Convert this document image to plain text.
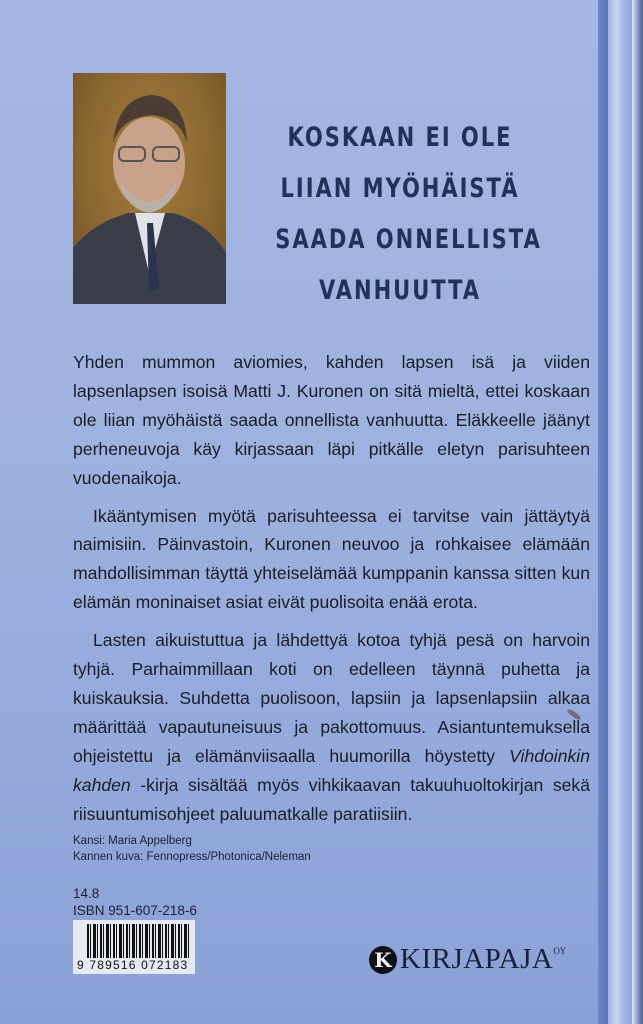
KOSKAAN EI OLE
LIIAN MYÖHÄISTÄ
SAADA ONNELLISTA
VANHUUTTA

Yhden mummon aviomies, kahden lapsen isä ja viiden lapsenlapsen isoisä Matti J. Kuronen on sitä mieltä, ettei koskaan ole liian myöhäistä saada onnellista vanhuutta. Eläkkeelle jäänyt perheneuvoja käy kirjassaan läpi pitkälle eletyn parisuhteen vuodenaikoja.

Ikääntymisen myötä parisuhteessa ei tarvitse vain jättäytyä naimisiin. Päinvastoin, Kuronen neuvoo ja rohkaisee elämään mahdollisimman täyttä yhteiselämää kumppanin kanssa sitten kun elämän moninaiset asiat eivät puolisoita enää erota.

Lasten aikuistuttua ja lähdettyä kotoa tyhjä pesä on harvoin tyhjä. Parhaimmillaan koti on edelleen täynnä puhetta ja kuiskauksia. Suhdetta puolisoon, lapsiin ja lapsenlapsiin alkaa määrittää vapautuneisuus ja pakottomuus. Asiantuntemuksella ohjeistettu ja elämänviisaalla huumorilla höystetty Vihdoinkin kahden -kirja sisältää myös vihkikaavan takuuhuoltokirjan sekä riisuuntumisohjeet paluumatkalle paratiisiin.

Kansi: Maria Appelberg
Kannen kuva: Fennopress/Photonica/Neleman
14.8
ISBN 951-607-218-6
9 789516 072183	K KIRJAPAJA OY
